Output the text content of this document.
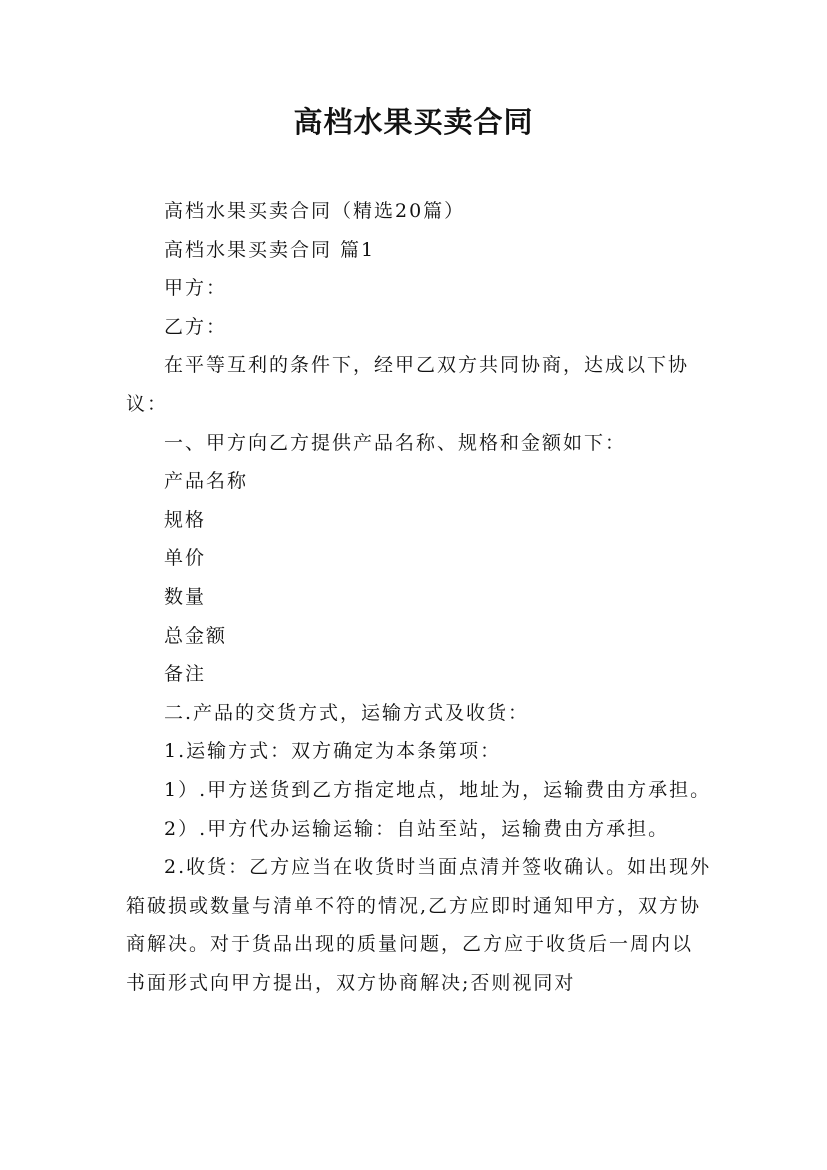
高档水果买卖合同

高档水果买卖合同（精选20篇）

高档水果买卖合同 篇1

甲方：

乙方：

在平等互利的条件下，经甲乙双方共同协商，达成以下协议：

一、甲方向乙方提供产品名称、规格和金额如下：

产品名称

规格

单价

数量

总金额

备注

二.产品的交货方式，运输方式及收货：

1.运输方式：双方确定为本条第项：

1）.甲方送货到乙方指定地点，地址为，运输费由方承担。

2）.甲方代办运输运输：自站至站，运输费由方承担。

2.收货：乙方应当在收货时当面点清并签收确认。如出现外箱破损或数量与清单不符的情况,乙方应即时通知甲方，双方协商解决。对于货品出现的质量问题，乙方应于收货后一周内以书面形式向甲方提出，双方协商解决;否则视同对
